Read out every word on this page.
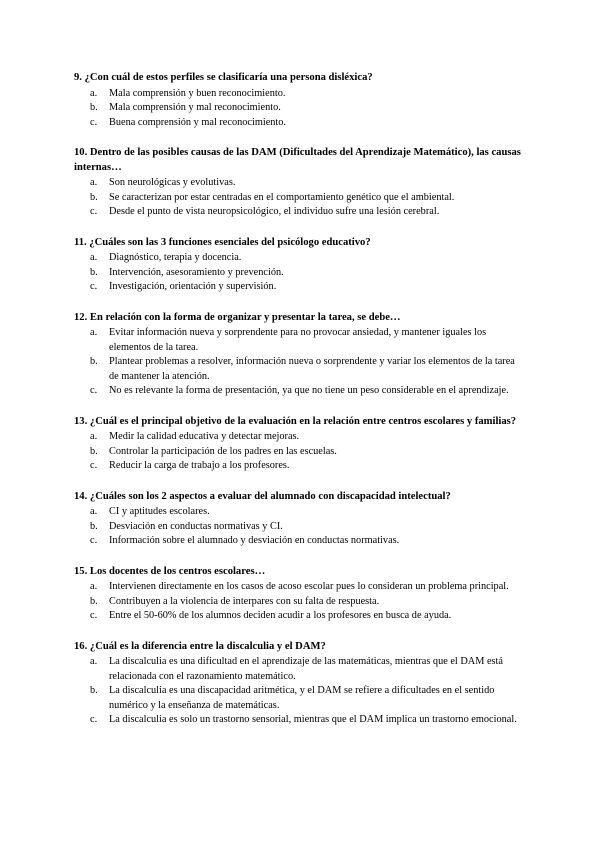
9. ¿Con cuál de estos perfiles se clasificaría una persona disléxica?
a. Mala comprensión y buen reconocimiento.
b. Mala comprensión y mal reconocimiento.
c. Buena comprensión y mal reconocimiento.
10. Dentro de las posibles causas de las DAM (Dificultades del Aprendizaje Matemático), las causas internas…
a. Son neurológicas y evolutivas.
b. Se caracterizan por estar centradas en el comportamiento genético que el ambiental.
c. Desde el punto de vista neuropsicológico, el individuo sufre una lesión cerebral.
11. ¿Cuáles son las 3 funciones esenciales del psicólogo educativo?
a. Diagnóstico, terapia y docencia.
b. Intervención, asesoramiento y prevención.
c. Investigación, orientación y supervisión.
12. En relación con la forma de organizar y presentar la tarea, se debe…
a. Evitar información nueva y sorprendente para no provocar ansiedad, y mantener iguales los elementos de la tarea.
b. Plantear problemas a resolver, información nueva o sorprendente y variar los elementos de la tarea de mantener la atención.
c. No es relevante la forma de presentación, ya que no tiene un peso considerable en el aprendizaje.
13. ¿Cuál es el principal objetivo de la evaluación en la relación entre centros escolares y familias?
a. Medir la calidad educativa y detectar mejoras.
b. Controlar la participación de los padres en las escuelas.
c. Reducir la carga de trabajo a los profesores.
14. ¿Cuáles son los 2 aspectos a evaluar del alumnado con discapacidad intelectual?
a. CI y aptitudes escolares.
b. Desviación en conductas normativas y CI.
c. Información sobre el alumnado y desviación en conductas normativas.
15. Los docentes de los centros escolares…
a. Intervienen directamente en los casos de acoso escolar pues lo consideran un problema principal.
b. Contribuyen a la violencia de interpares con su falta de respuesta.
c. Entre el 50-60% de los alumnos deciden acudir a los profesores en busca de ayuda.
16. ¿Cuál es la diferencia entre la discalculia y el DAM?
a. La discalculia es una dificultad en el aprendizaje de las matemáticas, mientras que el DAM está relacionada con el razonamiento matemático.
b. La discalculia es una discapacidad aritmética, y el DAM se refiere a dificultades en el sentido numérico y la enseñanza de matemáticas.
c. La discalculia es solo un trastorno sensorial, mientras que el DAM implica un trastorno emocional.
